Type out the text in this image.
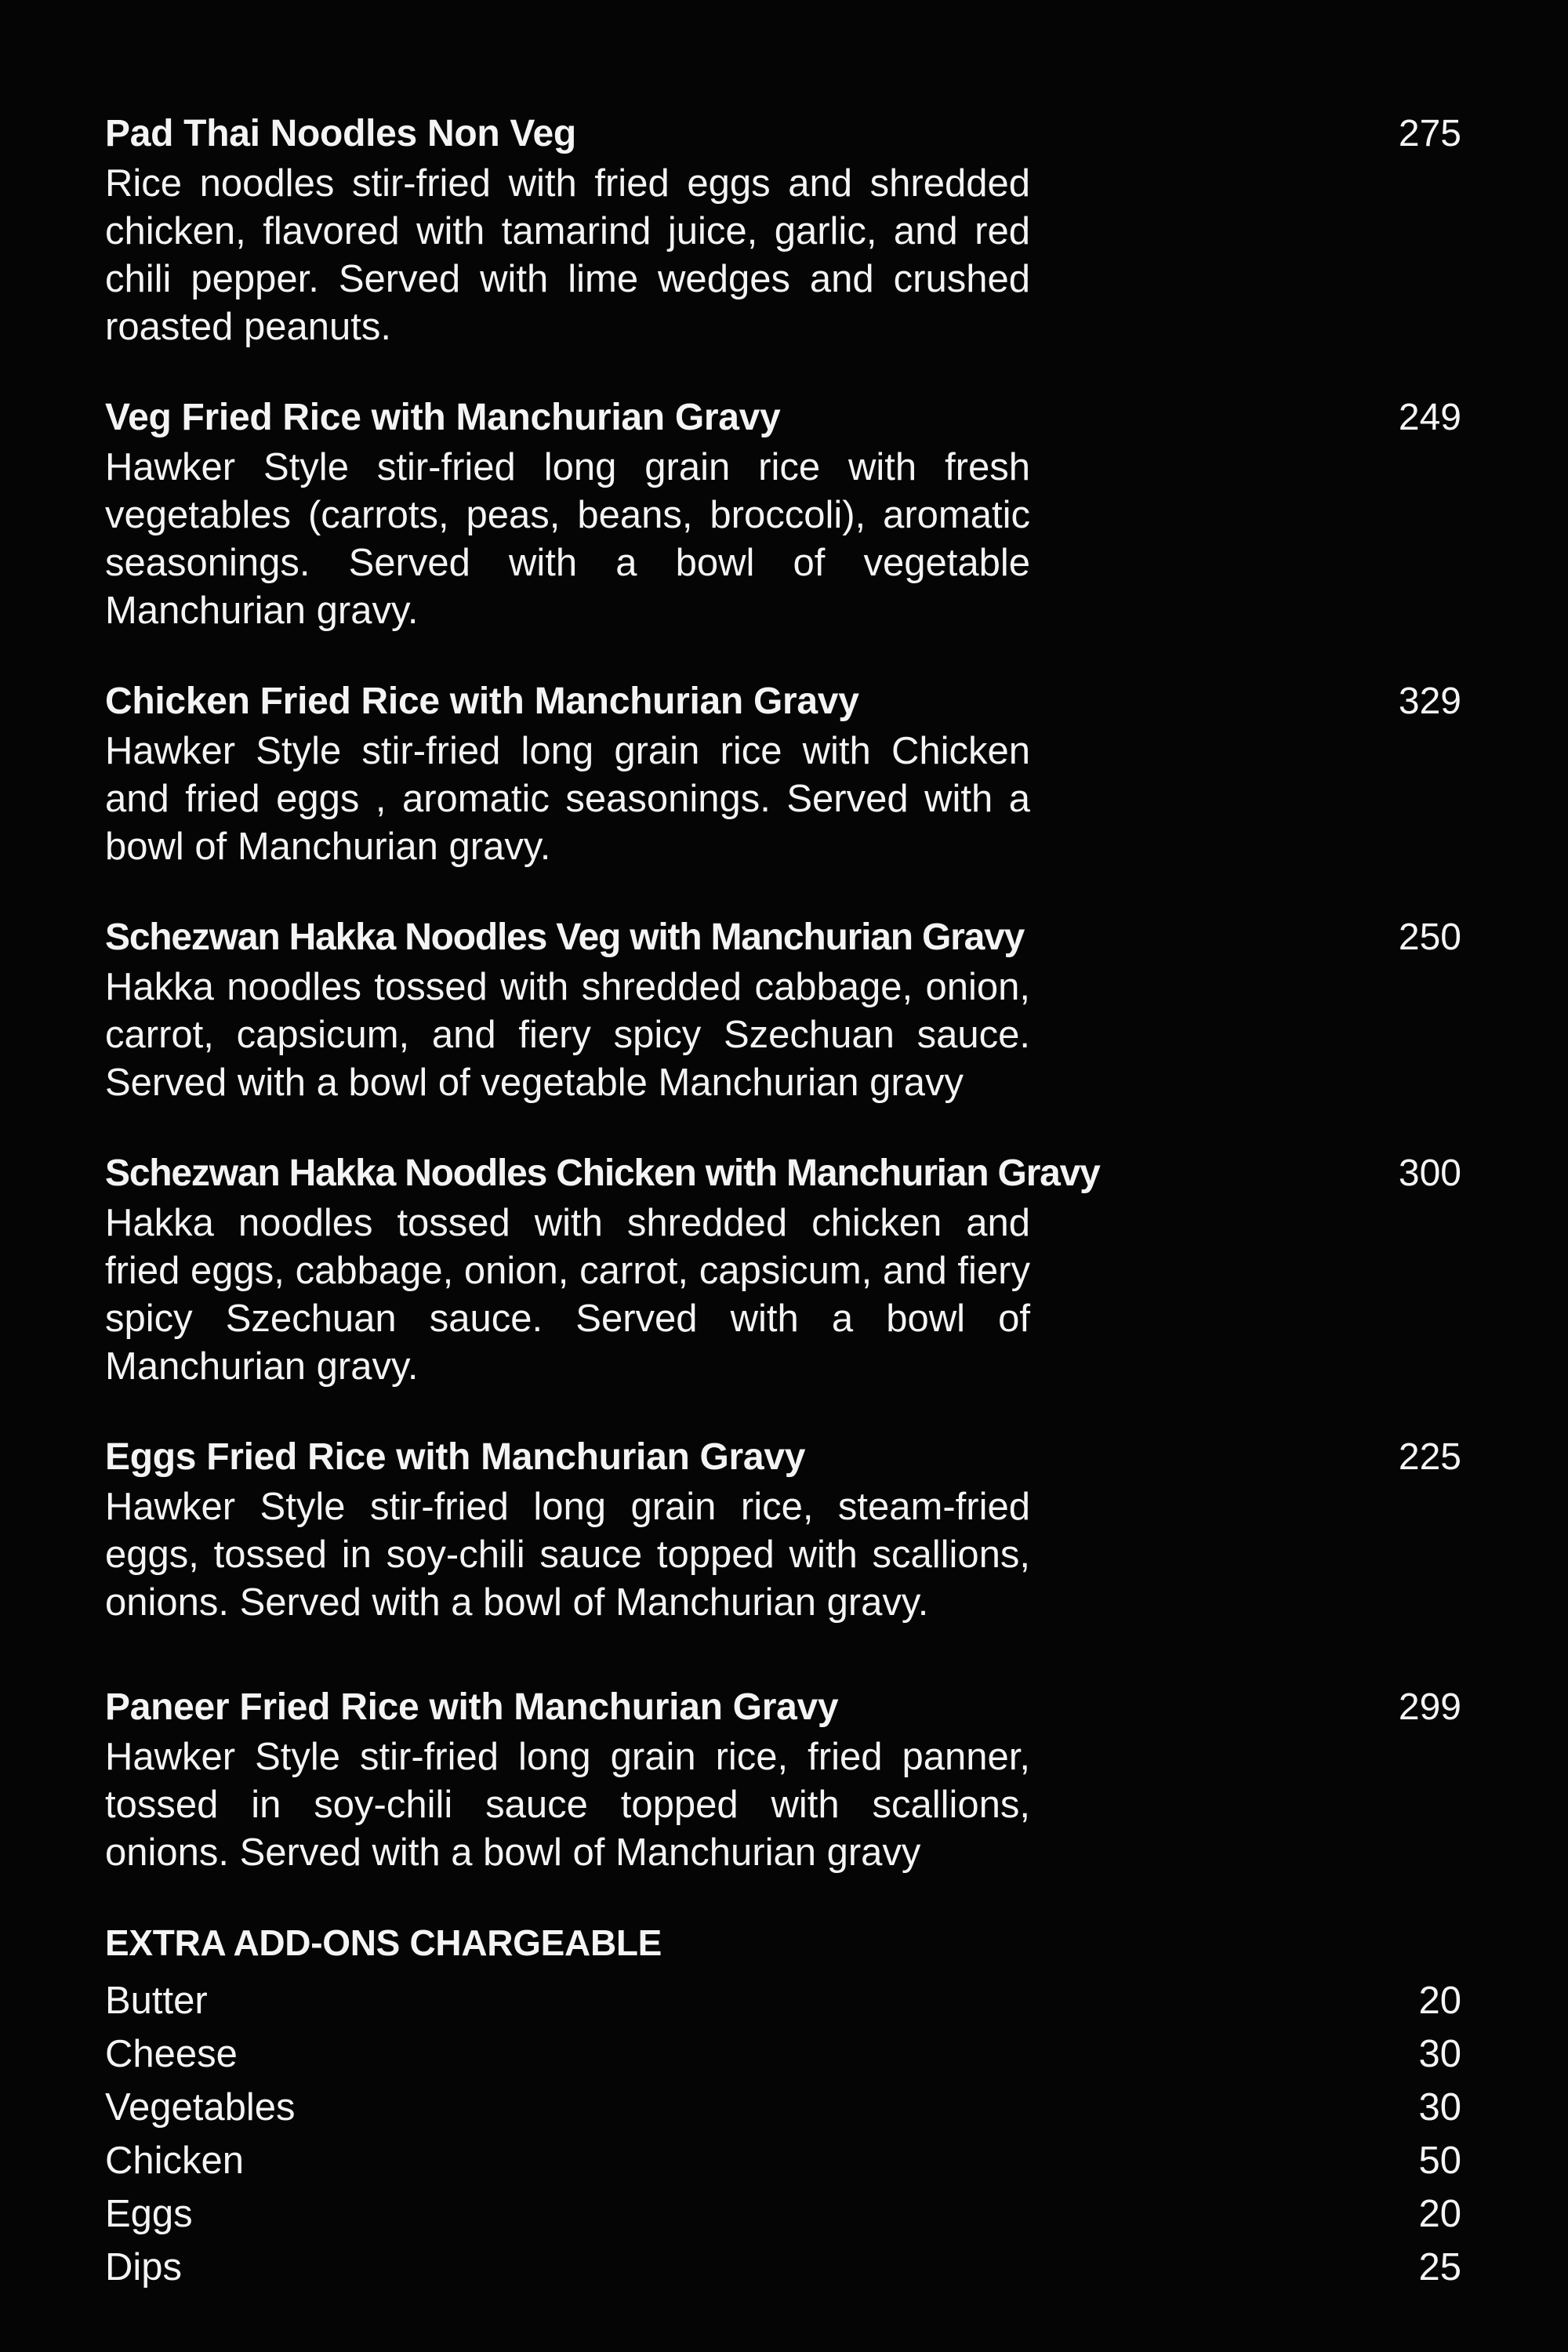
Pad Thai Noodles Non Veg	275
Rice noodles stir-fried with fried eggs and shredded chicken, flavored with tamarind juice, garlic, and red chili pepper. Served with lime wedges and crushed roasted peanuts.
Veg Fried Rice with Manchurian Gravy	249
Hawker Style stir-fried long grain rice with fresh vegetables (carrots, peas, beans, broccoli), aromatic seasonings. Served with a bowl of vegetable Manchurian gravy.
Chicken Fried Rice with Manchurian Gravy	329
Hawker Style stir-fried long grain rice with Chicken and fried eggs , aromatic seasonings. Served with a bowl of Manchurian gravy.
Schezwan Hakka Noodles Veg with Manchurian Gravy	250
Hakka noodles tossed with shredded cabbage, onion, carrot, capsicum, and fiery spicy Szechuan sauce. Served with a bowl of vegetable Manchurian gravy
Schezwan Hakka Noodles Chicken with Manchurian Gravy	300
Hakka noodles tossed with shredded chicken and fried eggs, cabbage, onion, carrot, capsicum, and fiery spicy Szechuan sauce. Served with a bowl of Manchurian gravy.
Eggs Fried Rice with Manchurian Gravy	225
Hawker Style stir-fried long grain rice, steam-fried eggs, tossed in soy-chili sauce topped with scallions, onions. Served with a bowl of Manchurian gravy.
Paneer Fried Rice with Manchurian Gravy	299
Hawker Style stir-fried long grain rice, fried panner, tossed in soy-chili sauce topped with scallions, onions. Served with a bowl of Manchurian gravy
EXTRA ADD-ONS CHARGEABLE
Butter	20
Cheese	30
Vegetables	30
Chicken	50
Eggs	20
Dips	25
